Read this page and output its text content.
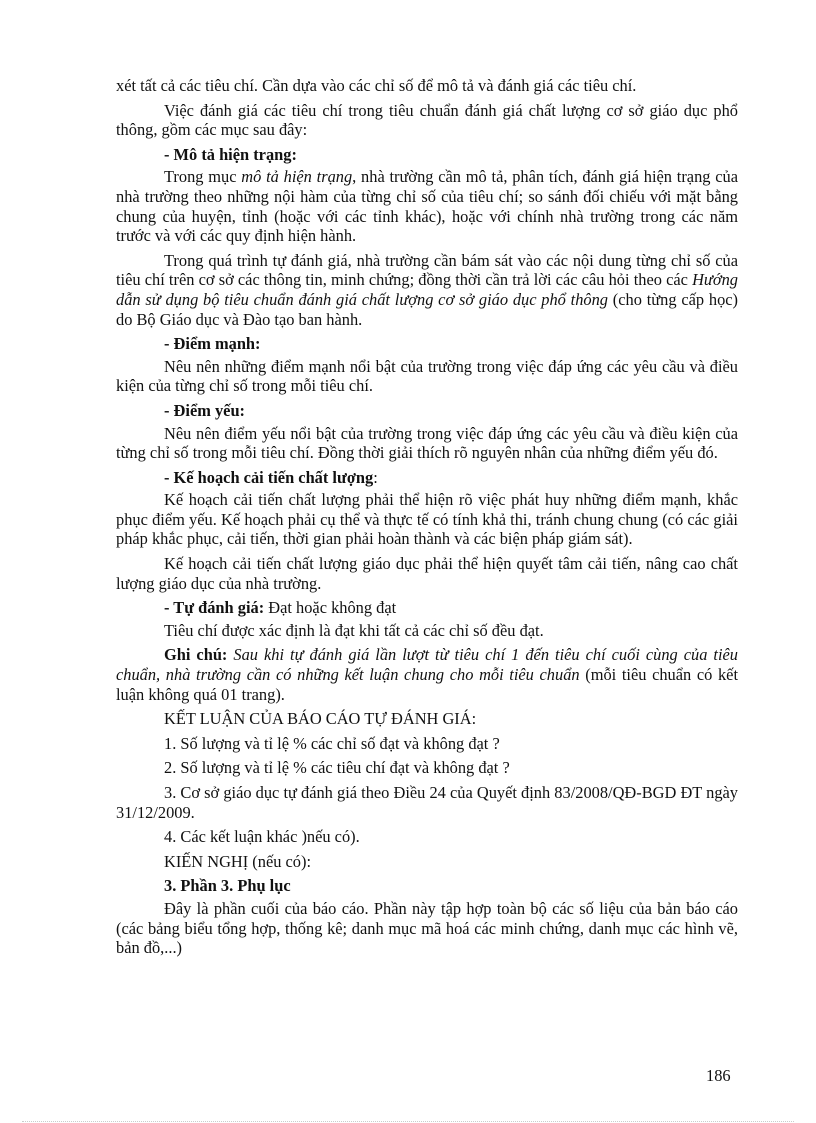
xét tất cả các tiêu chí. Cần dựa vào các chỉ số để mô tả và đánh giá các tiêu chí.

Việc đánh giá các tiêu chí trong tiêu chuẩn đánh giá chất lượng cơ sở giáo dục phổ thông, gồm các mục sau đây:

- Mô tả hiện trạng:

Trong mục mô tả hiện trạng, nhà trường cần mô tả, phân tích, đánh giá hiện trạng của nhà trường theo những nội hàm của từng chỉ số của tiêu chí; so sánh đối chiếu với mặt bằng chung của huyện, tỉnh (hoặc với các tỉnh khác), hoặc với chính nhà trường trong các năm trước và với các quy định hiện hành.

Trong quá trình tự đánh giá, nhà trường cần bám sát vào các nội dung từng chỉ số của tiêu chí trên cơ sở các thông tin, minh chứng; đồng thời cần trả lời các câu hỏi theo các Hướng dẫn sử dụng bộ tiêu chuẩn đánh giá chất lượng cơ sở giáo dục phổ thông (cho từng cấp học) do Bộ Giáo dục và Đào tạo ban hành.

- Điểm mạnh:

Nêu nên những điểm mạnh nổi bật của trường trong việc đáp ứng các yêu cầu và điều kiện của từng chỉ số trong mỗi tiêu chí.

- Điểm yếu:

Nêu nên điểm yếu nổi bật của trường trong việc đáp ứng các yêu cầu và điều kiện của từng chỉ số trong mỗi tiêu chí. Đồng thời giải thích rõ nguyên nhân của những điểm yếu đó.

- Kế hoạch cải tiến chất lượng:

Kế hoạch cải tiến chất lượng phải thể hiện rõ việc phát huy những điểm mạnh, khắc phục điểm yếu. Kế hoạch phải cụ thể và thực tế có tính khả thi, tránh chung chung (có các giải pháp khắc phục, cải tiến, thời gian phải hoàn thành và các biện pháp giám sát).

Kế hoạch cải tiến chất lượng giáo dục phải thể hiện quyết tâm cải tiến, nâng cao chất lượng giáo dục của nhà trường.

- Tự đánh giá: Đạt hoặc không đạt

Tiêu chí được xác định là đạt khi tất cả các chỉ số đều đạt.

Ghi chú: Sau khi tự đánh giá lần lượt từ tiêu chí 1 đến tiêu chí cuối cùng của tiêu chuẩn, nhà trường cần có những kết luận chung cho mỗi tiêu chuẩn (mỗi tiêu chuẩn có kết luận không quá 01 trang).

KẾT LUẬN CỦA BÁO CÁO TỰ ĐÁNH GIÁ:

1. Số lượng và tỉ lệ % các chỉ số đạt và không đạt ?

2. Số lượng và tỉ lệ % các tiêu chí đạt và không đạt ?

3. Cơ sở giáo dục tự đánh giá theo Điều 24 của Quyết định 83/2008/QĐ-BGD ĐT ngày 31/12/2009.

4. Các kết luận khác )nếu có).

KIẾN NGHỊ (nếu có):

3. Phần 3. Phụ lục

Đây là phần cuối của báo cáo. Phần này tập hợp toàn bộ các số liệu của bản báo cáo (các bảng biểu tổng hợp, thống kê; danh mục mã hoá các minh chứng, danh mục các hình vẽ, bản đồ,...)

186
